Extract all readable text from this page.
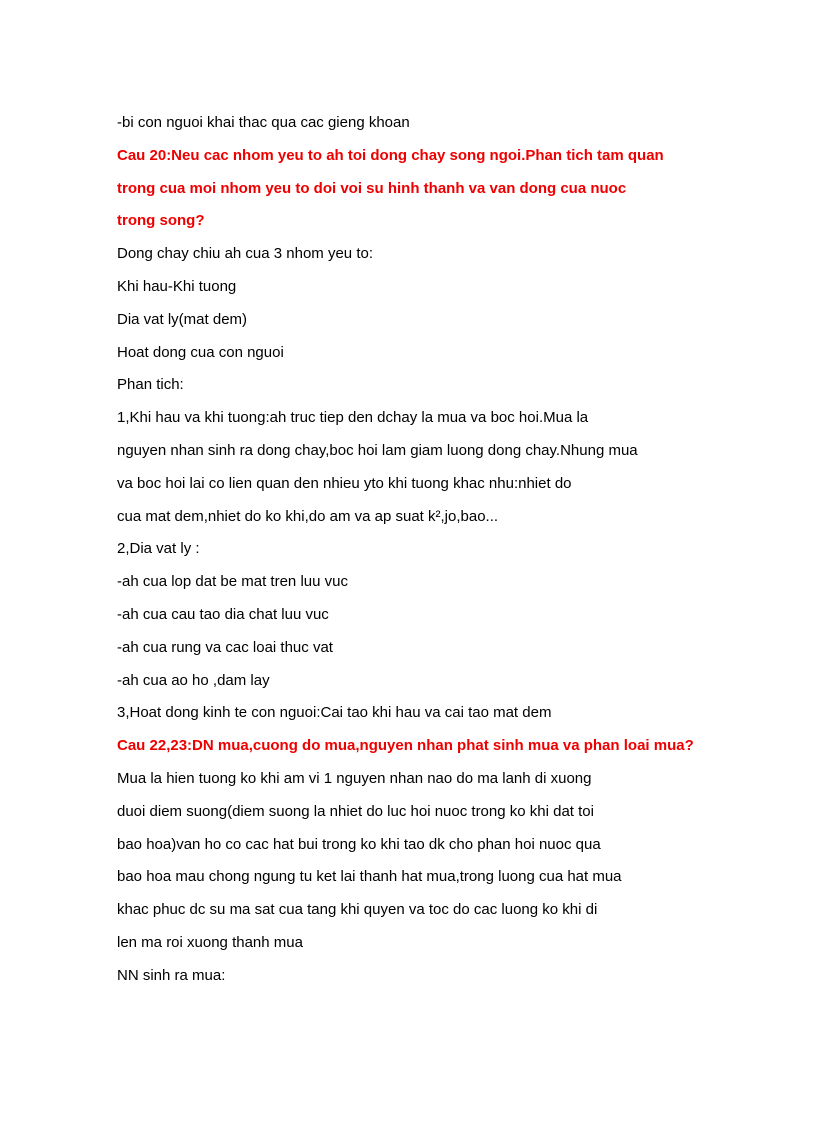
-bi con nguoi khai thac qua cac gieng khoan
Cau 20:Neu cac nhom yeu to ah toi dong chay song ngoi.Phan tich tam quan
trong cua moi nhom yeu to doi voi su hinh thanh va van dong cua nuoc
trong song?
Dong chay chiu ah cua 3 nhom yeu to:
Khi hau-Khi tuong
Dia vat ly(mat dem)
Hoat dong cua con nguoi
Phan tich:
1,Khi hau va khi tuong:ah truc tiep den dchay la mua va boc hoi.Mua la
nguyen nhan sinh ra dong chay,boc hoi lam giam luong dong chay.Nhung mua
va boc hoi lai co lien quan den nhieu yto khi tuong khac nhu:nhiet do
cua mat dem,nhiet do ko khi,do am va ap suat k²,jo,bao...
2,Dia vat ly :
-ah cua lop dat be mat tren luu vuc
-ah cua cau tao dia chat luu vuc
-ah cua rung va cac loai thuc vat
-ah cua ao ho ,dam lay
3,Hoat dong kinh te con nguoi:Cai tao khi hau va cai tao mat dem
Cau 22,23:DN mua,cuong do mua,nguyen nhan phat sinh mua va phan loai mua?
Mua la hien tuong ko khi am vi 1 nguyen nhan nao do ma lanh di xuong
duoi diem suong(diem suong la nhiet do luc hoi nuoc trong ko khi dat toi
bao hoa)van ho co cac hat bui trong ko khi tao dk cho phan hoi nuoc qua
bao hoa mau chong ngung tu ket lai thanh hat mua,trong luong cua hat mua
khac phuc dc su ma sat cua tang khi quyen va toc do cac luong ko khi di
len ma roi xuong thanh mua
NN sinh ra mua:
